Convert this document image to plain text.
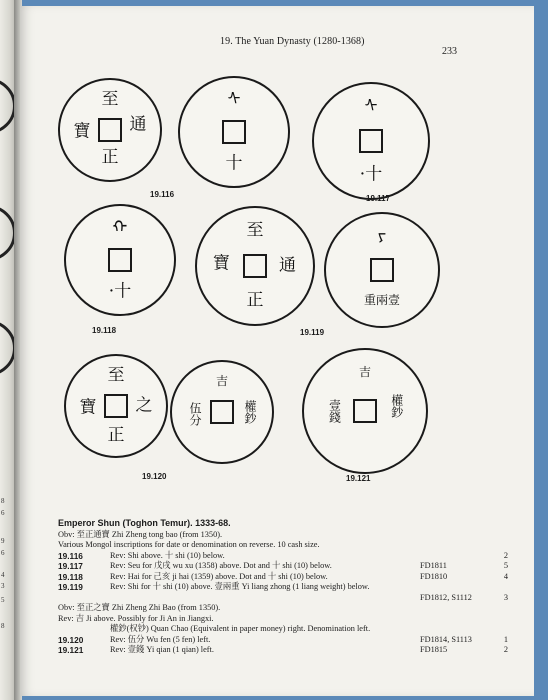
8
6
9
6
4
3
5
8
19. The Yuan Dynasty (1280-1368)
233
至
通
正
寶
ᠰ
十
ᠰ
·十
19.116	19.117
ᠬ
·十
至
通
正
寶
ᠶ
重兩壹
19.118	19.119
至
之
正
寶
吉
權鈔
伍分
吉
權鈔
壹錢
19.120	19.121
Emperor Shun (Toghon Temur). 1333-68.
Obv: 至正通寶 Zhi Zheng tong bao (from 1350).
Various Mongol inscriptions for date or denomination on reverse. 10 cash size.
19.116	Rev: Shi above. 十 shi (10) below.	2
19.117	Rev: Seu for 戊戌 wu xu (1358) above. Dot and 十 shi (10) below.	FD1811	5
19.118	Rev: Hai for 己亥 ji hai (1359) above. Dot and 十 shi (10) below.	FD1810	4
19.119	Rev: Shi for 十 shi (10) above. 壹兩重 Yi liang zhong (1 liang weight) below.
FD1812, S1112	3
Obv: 至正之寶 Zhi Zheng Zhi Bao (from 1350).
Rev: 吉 Ji above. Possibly for Ji An in Jiangxi.
權鈔(权钞) Quan Chao (Equivalent in paper money) right. Denomination left.
19.120	Rev: 伍分 Wu fen (5 fen) left.	FD1814, S1113	1
19.121	Rev: 壹錢 Yi qian (1 qian) left.	FD1815	2
